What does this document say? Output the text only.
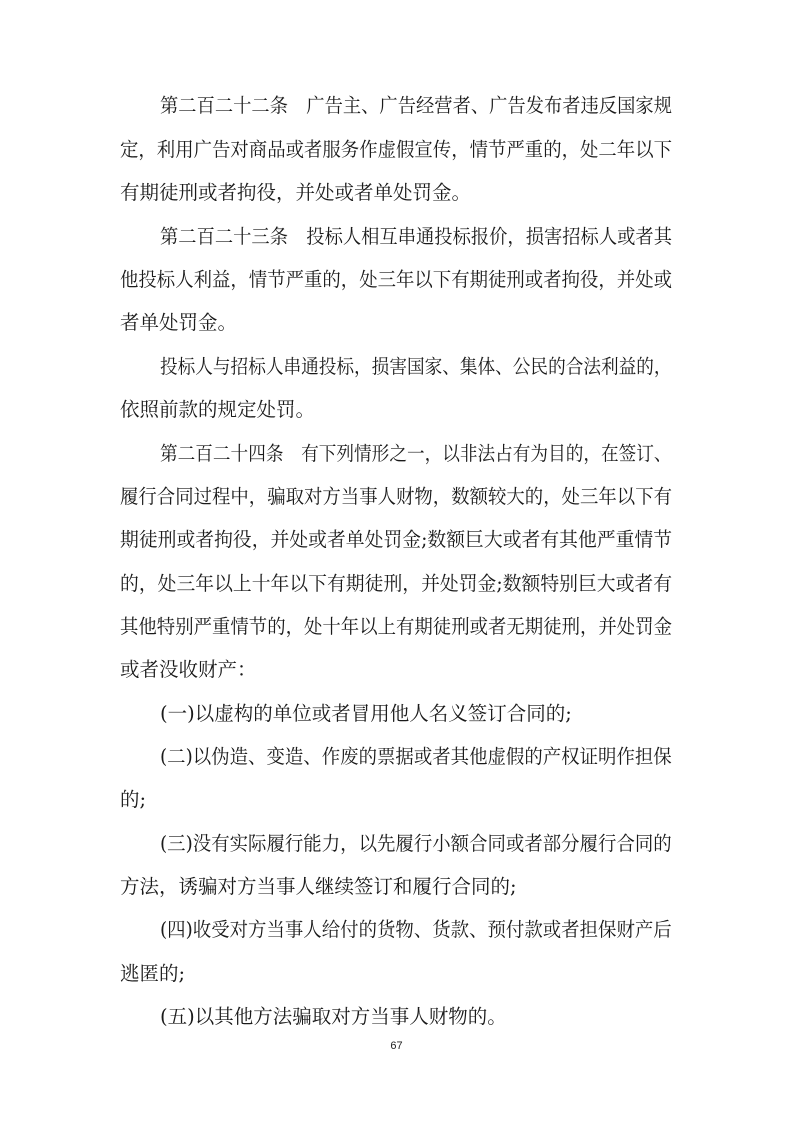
第二百二十二条　广告主、广告经营者、广告发布者违反国家规
定，利用广告对商品或者服务作虚假宣传，情节严重的，处二年以下
有期徒刑或者拘役，并处或者单处罚金。
第二百二十三条　投标人相互串通投标报价，损害招标人或者其
他投标人利益，情节严重的，处三年以下有期徒刑或者拘役，并处或
者单处罚金。
投标人与招标人串通投标，损害国家、集体、公民的合法利益的，
依照前款的规定处罚。
第二百二十四条　有下列情形之一，以非法占有为目的，在签订、
履行合同过程中，骗取对方当事人财物，数额较大的，处三年以下有
期徒刑或者拘役，并处或者单处罚金;数额巨大或者有其他严重情节
的，处三年以上十年以下有期徒刑，并处罚金;数额特别巨大或者有
其他特别严重情节的，处十年以上有期徒刑或者无期徒刑，并处罚金
或者没收财产：
(一)以虚构的单位或者冒用他人名义签订合同的;
(二)以伪造、变造、作废的票据或者其他虚假的产权证明作担保
的;
(三)没有实际履行能力，以先履行小额合同或者部分履行合同的
方法，诱骗对方当事人继续签订和履行合同的;
(四)收受对方当事人给付的货物、货款、预付款或者担保财产后
逃匿的;
(五)以其他方法骗取对方当事人财物的。
67
